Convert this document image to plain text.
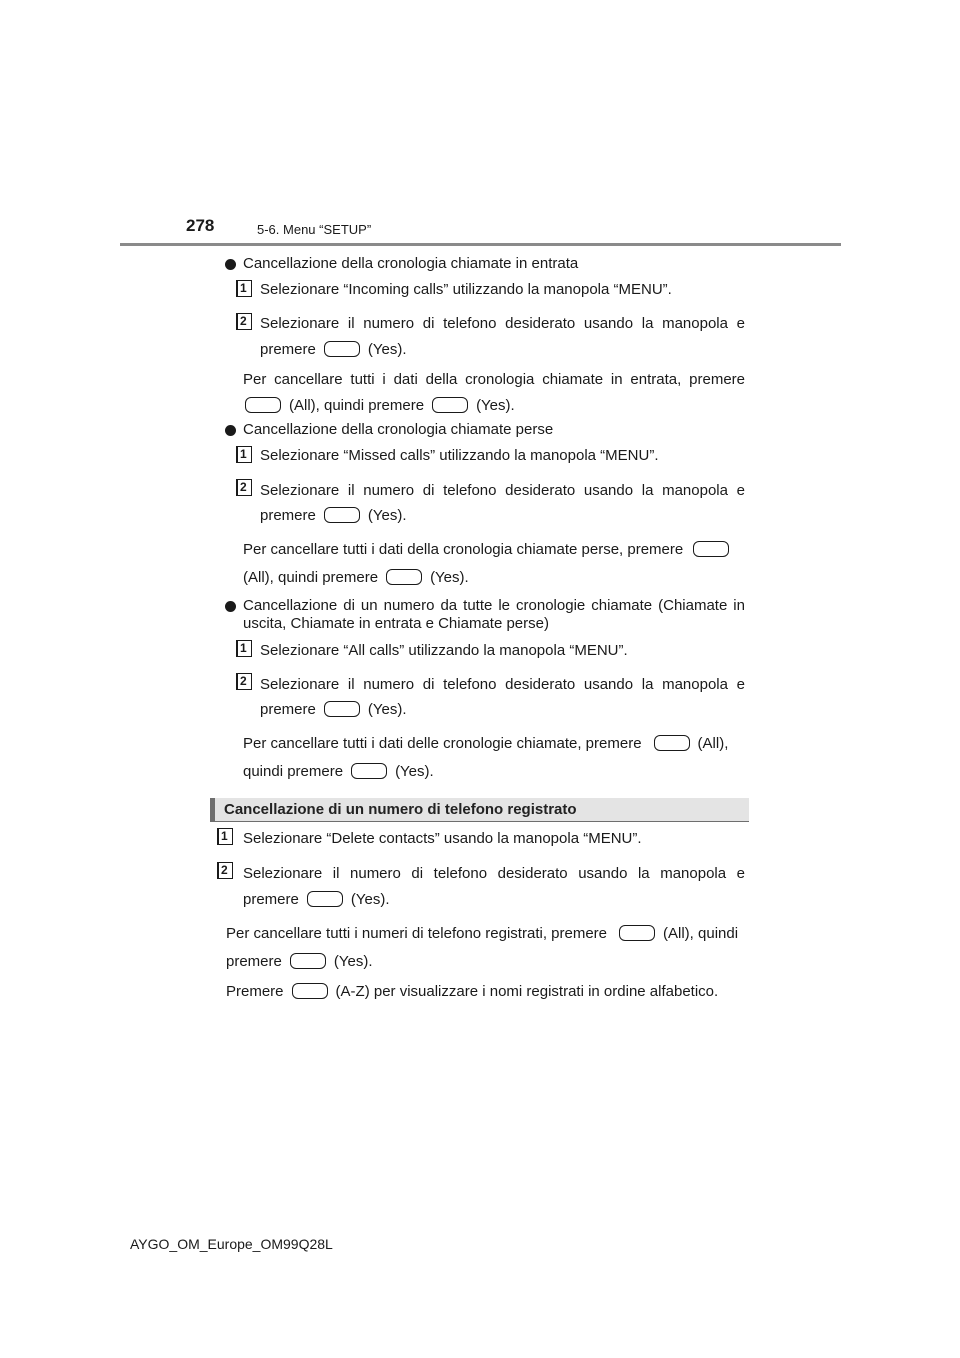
278	5-6. Menu “SETUP”
Cancellazione della cronologia chiamate in entrata
1 Selezionare “Incoming calls” utilizzando la manopola “MENU”.
2 Selezionare il numero di telefono desiderato usando la manopola e
premere	(Yes).
Per cancellare tutti i dati della cronologia chiamate in entrata, premere
(All), quindi premere	(Yes).
Cancellazione della cronologia chiamate perse
1 Selezionare “Missed calls” utilizzando la manopola “MENU”.
2 Selezionare il numero di telefono desiderato usando la manopola e
premere	(Yes).
Per cancellare tutti i dati della cronologia chiamate perse, premere
(All), quindi premere	(Yes).
Cancellazione di un numero da tutte le cronologie chiamate (Chiamate in
uscita, Chiamate in entrata e Chiamate perse)
1 Selezionare “All calls” utilizzando la manopola “MENU”.
2 Selezionare il numero di telefono desiderato usando la manopola e
premere	(Yes).
Per cancellare tutti i dati delle cronologie chiamate, premere	(All),
quindi premere	(Yes).
Cancellazione di un numero di telefono registrato
1	Selezionare “Delete contacts” usando la manopola “MENU”.
2	Selezionare il numero di telefono desiderato usando la manopola e
premere	(Yes).
Per cancellare tutti i numeri di telefono registrati, premere	(All), quindi
premere	(Yes).
Premere	(A-Z) per visualizzare i nomi registrati in ordine alfabetico.
AYGO_OM_Europe_OM99Q28L
